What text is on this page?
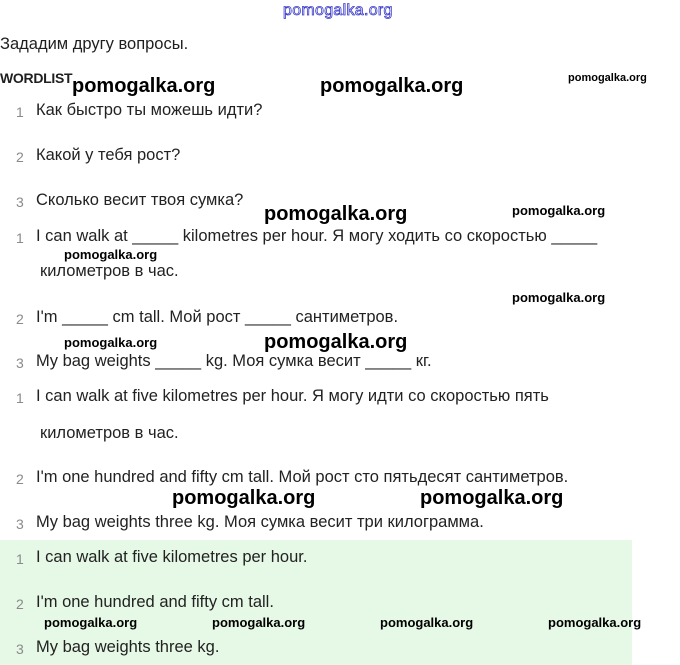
pomogalka.org
Зададим другу вопросы.
WORDLIST
1 Как быстро ты можешь идти?
2 Какой у тебя рост?
3 Сколько весит твоя сумка?
1 I can walk at _____ kilometres per hour. Я могу ходить со скоростью _____
километров в час.
2 I'm _____ cm tall. Мой рост _____ сантиметров.
3 My bag weights _____ kg. Моя сумка весит _____ кг.
1 I can walk at five kilometres per hour. Я могу идти со скоростью пять
километров в час.
2 I'm one hundred and fifty cm tall. Мой рост сто пятьдесят сантиметров.
3 My bag weights three kg. Моя сумка весит три килограмма.
1 I can walk at five kilometres per hour.
2 I'm one hundred and fifty cm tall.
3 My bag weights three kg.
pomogalka.org	pomogalka.org	pomogalka.org
pomogalka.org	pomogalka.org
pomogalka.org
pomogalka.org
pomogalka.org	pomogalka.org
pomogalka.org	pomogalka.org
pomogalka.org	pomogalka.org	pomogalka.org	pomogalka.org
